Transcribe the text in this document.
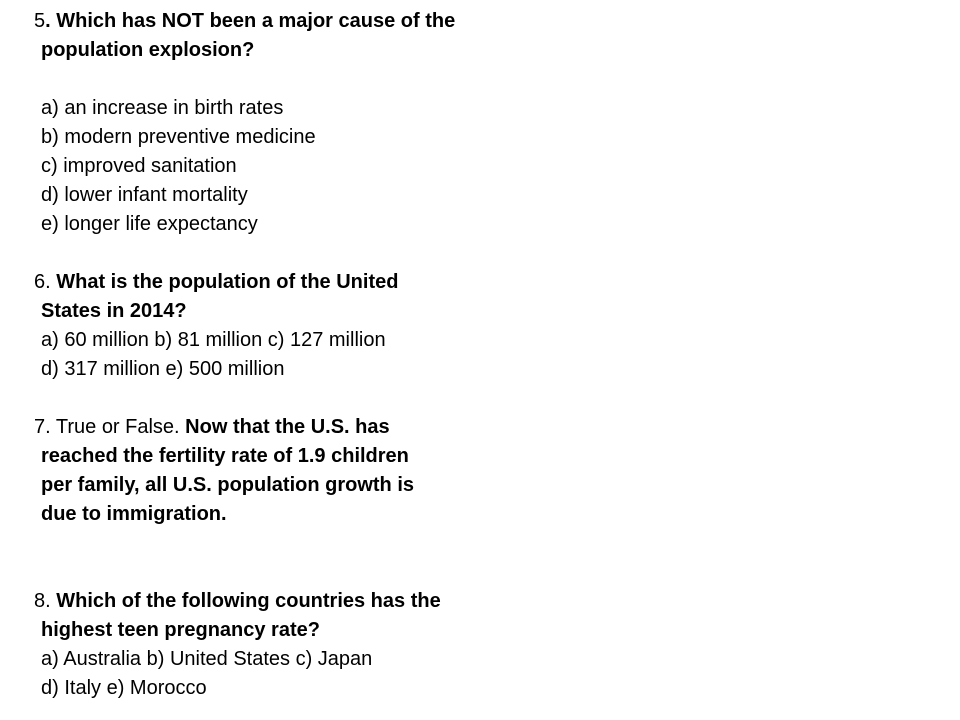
5. Which has NOT been a major cause of the
population explosion?
a) an increase in birth rates
b) modern preventive medicine
c) improved sanitation
d) lower infant mortality
e) longer life expectancy
6. What is the population of the United
States in 2014?
a) 60 million b) 81 million c) 127 million
d) 317 million e) 500 million
7. True or False. Now that the U.S. has
reached the fertility rate of 1.9 children
per family, all U.S. population growth is
due to immigration.
8. Which of the following countries has the
highest teen pregnancy rate?
a) Australia b) United States c) Japan
d) Italy e) Morocco
